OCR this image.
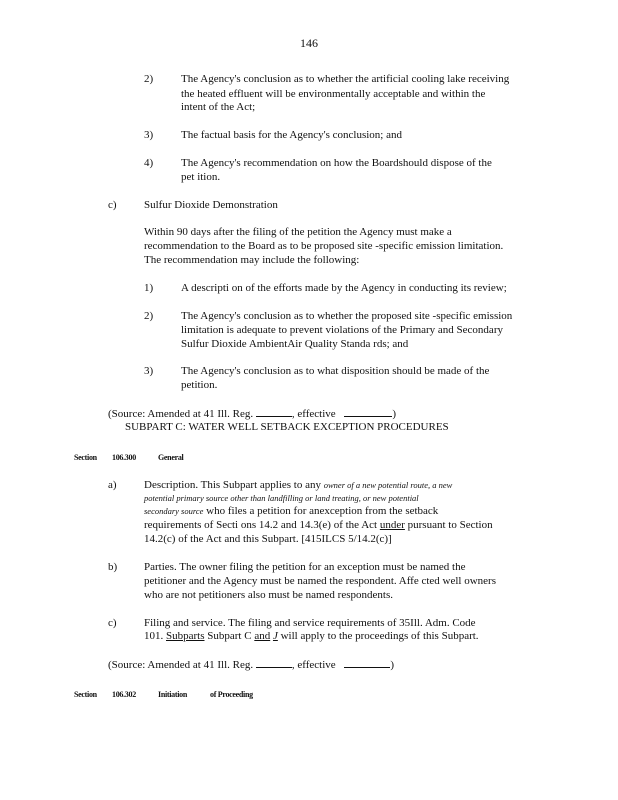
146
2)	The Agency's conclusion as to whether the artificial cooling lake receiving
the heated effluent will be environmentally acceptable and within the
intent of the Act;
3)	The factual basis for the Agency's conclusion; and
4)	The Agency's recommendation on how the Boardshould dispose of the
pet ition.
c) Sulfur Dioxide Demonstration
Within 90 days after the filing of the petition the Agency must make a
recommendation to the Board as to be proposed site -specific emission limitation.
The recommendation may include the following:
1)	A descripti on of the efforts made by the Agency in conducting its review;
2)	The Agency's conclusion as to whether the proposed site -specific emission
limitation is adequate to prevent violations of the Primary and Secondary
Sulfur Dioxide AmbientAir Quality Standa rds; and
3)	The Agency's conclusion as to what disposition should be made of the
petition.
(Source: Amended at 41 Ill. Reg.	, effective	)
SUBPART C: WATER WELL SETBACK EXCEPTION PROCEDURES
Section 106.300	General
a) Description. This Subpart applies to any owner of a new potential route, a new
potential primary source other than landfilling or land treating, or new potential
secondary source who files a petition for anexception from the setback
requirements of Secti ons 14.2 and 14.3(e) of the Act under pursuant to Section
14.2(c) of the Act and this Subpart. [415ILCS 5/14.2(c)]
b) Parties. The owner filing the petition for an exception must be named the
petitioner and the Agency must be named the respondent. Affe cted well owners
who are not petitioners also must be named respondents.
c) Filing and service. The filing and service requirements of 35Ill. Adm. Code
101. Subparts Subpart C and J will apply to the proceedings of this Subpart.
(Source: Amended at 41 Ill. Reg.	, effective	)
Section 106.302	Initiation	of Proceeding
